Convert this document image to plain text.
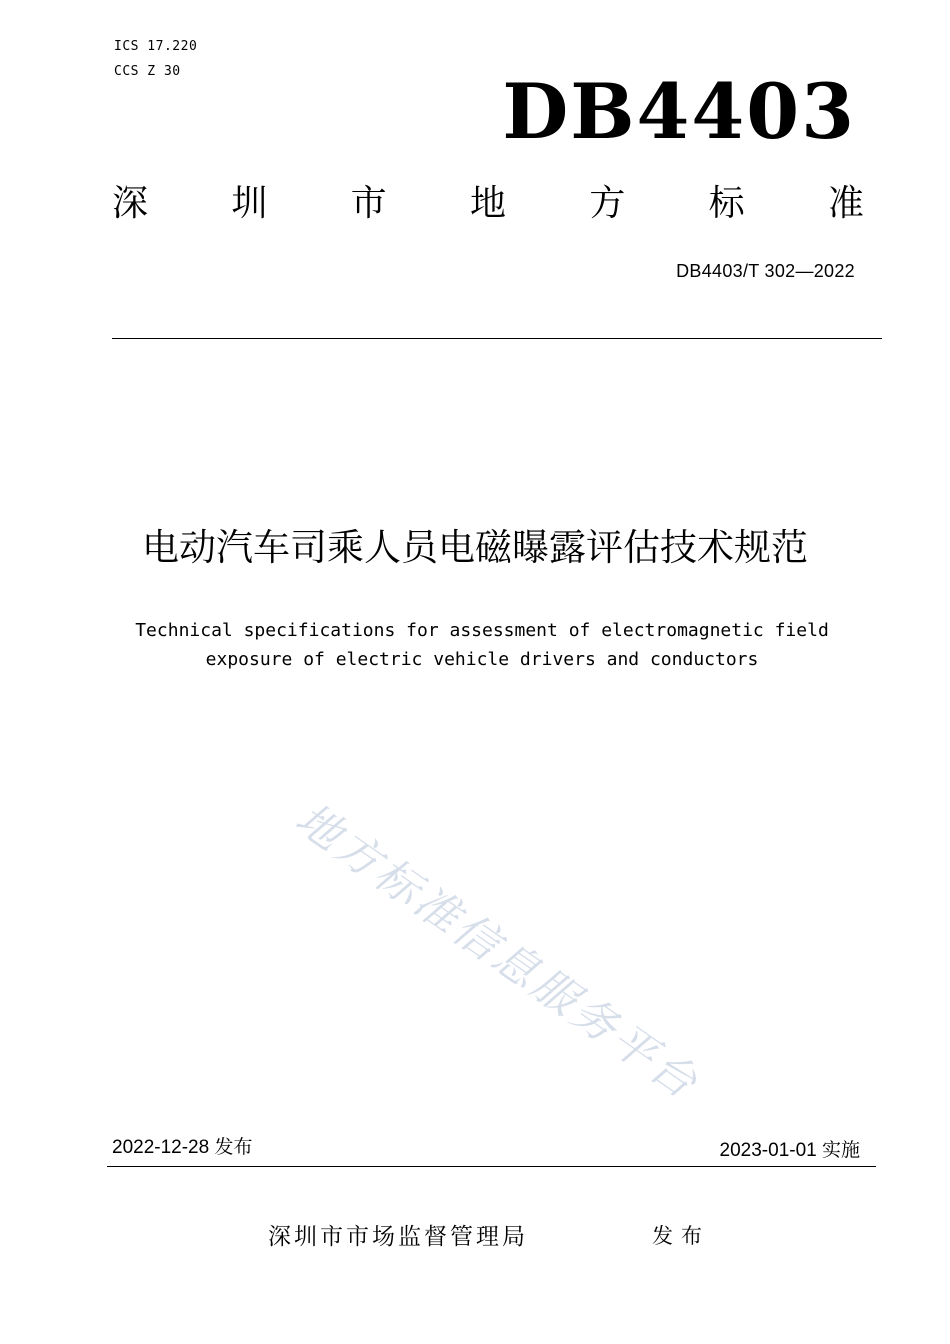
ICS 17.220
CCS Z 30	DB4403
深 圳 市 地 方 标 准
DB4403/T 302—2022
电动汽车司乘人员电磁曝露评估技术规范
Technical specifications for assessment of electromagnetic field
exposure of electric vehicle drivers and conductors
地方标准信息服务平台
2022-12-28 发布	2023-01-01 实施
深圳市市场监督管理局	发布
